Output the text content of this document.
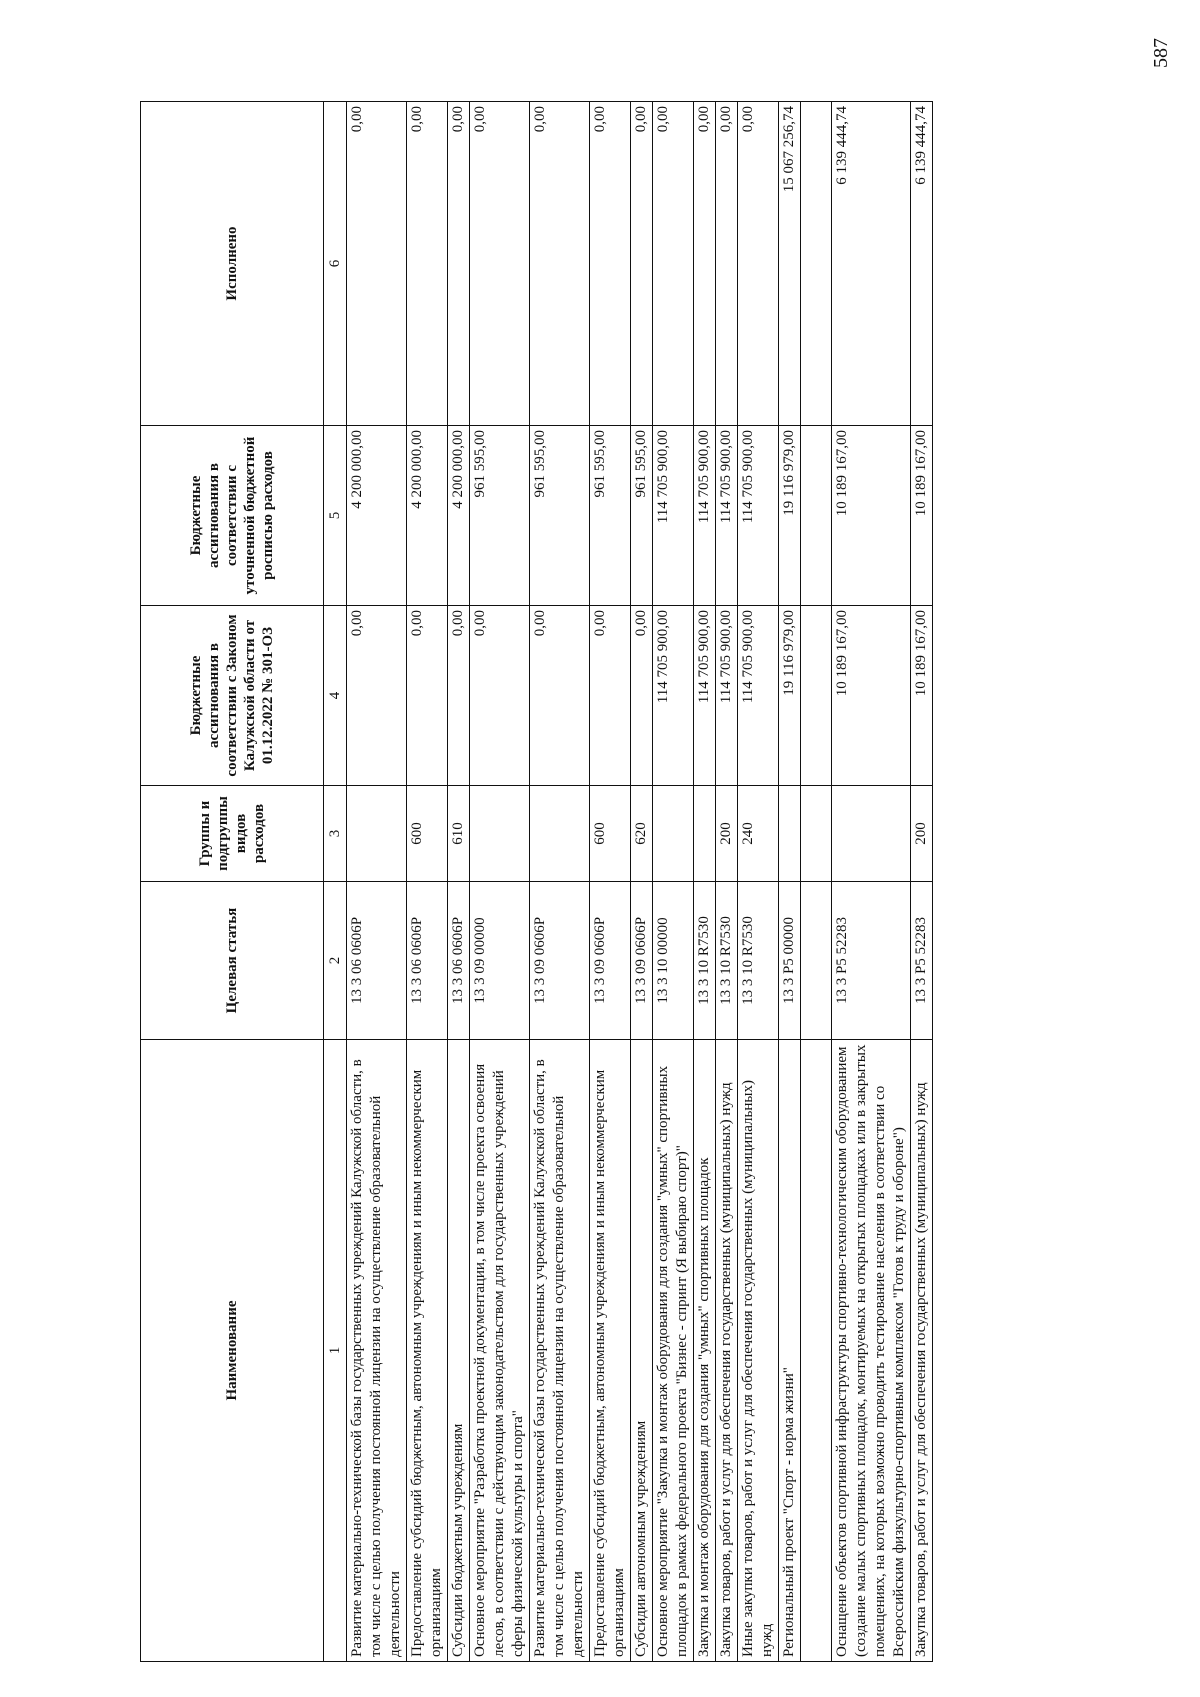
587
Наименование	Целевая статья	Группы и подгруппы видов расходов	Бюджетные ассигнования в соответствии с Законом Калужской области от 01.12.2022 № 301-ОЗ	Бюджетные ассигнования в соответствии с уточненной бюджетной росписью расходов	Исполнено
1	2	3	4	5	6
Развитие материально-технической базы государственных учреждений Калужской области, в том числе с целью получения постоянной лицензии на осуществление образовательной деятельности	13 3 06 0606Р		0,00	4 200 000,00	0,00
Предоставление субсидий бюджетным, автономным учреждениям и иным некоммерческим организациям	13 3 06 0606Р	600	0,00	4 200 000,00	0,00
Субсидии бюджетным учреждениям	13 3 06 0606Р	610	0,00	4 200 000,00	0,00
Основное мероприятие "Разработка проектной документации, в том числе проекта освоения лесов, в соответствии с действующим законодательством для государственных учреждений сферы физической культуры и спорта"	13 3 09 00000		0,00	961 595,00	0,00
Развитие материально-технической базы государственных учреждений Калужской области, в том числе с целью получения постоянной лицензии на осуществление образовательной деятельности	13 3 09 0606Р		0,00	961 595,00	0,00
Предоставление субсидий бюджетным, автономным учреждениям и иным некоммерческим организациям	13 3 09 0606Р	600	0,00	961 595,00	0,00
Субсидии автономным учреждениям	13 3 09 0606Р	620	0,00	961 595,00	0,00
Основное мероприятие "Закупка и монтаж оборудования для создания "умных" спортивных площадок в рамках федерального проекта "Бизнес - спринт (Я выбираю спорт)"	13 3 10 00000		114 705 900,00	114 705 900,00	0,00
Закупка и монтаж оборудования для создания "умных" спортивных площадок	13 3 10 R7530		114 705 900,00	114 705 900,00	0,00
Закупка товаров, работ и услуг для обеспечения государственных (муниципальных) нужд	13 3 10 R7530	200	114 705 900,00	114 705 900,00	0,00
Иные закупки товаров, работ и услуг для обеспечения государственных (муниципальных) нужд	13 3 10 R7530	240	114 705 900,00	114 705 900,00	0,00
Региональный проект "Спорт - норма жизни"	13 3 P5 00000		19 116 979,00	19 116 979,00	15 067 256,74

Оснащение объектов спортивной инфраструктуры спортивно-технологическим оборудованием (создание малых спортивных площадок, монтируемых на открытых площадках или в закрытых помещениях, на которых возможно проводить тестирование населения в соответствии со Всероссийским физкультурно-спортивным комплексом "Готов к труду и обороне")	13 3 P5 52283		10 189 167,00	10 189 167,00	6 139 444,74
Закупка товаров, работ и услуг для обеспечения государственных (муниципальных) нужд	13 3 P5 52283	200	10 189 167,00	10 189 167,00	6 139 444,74
